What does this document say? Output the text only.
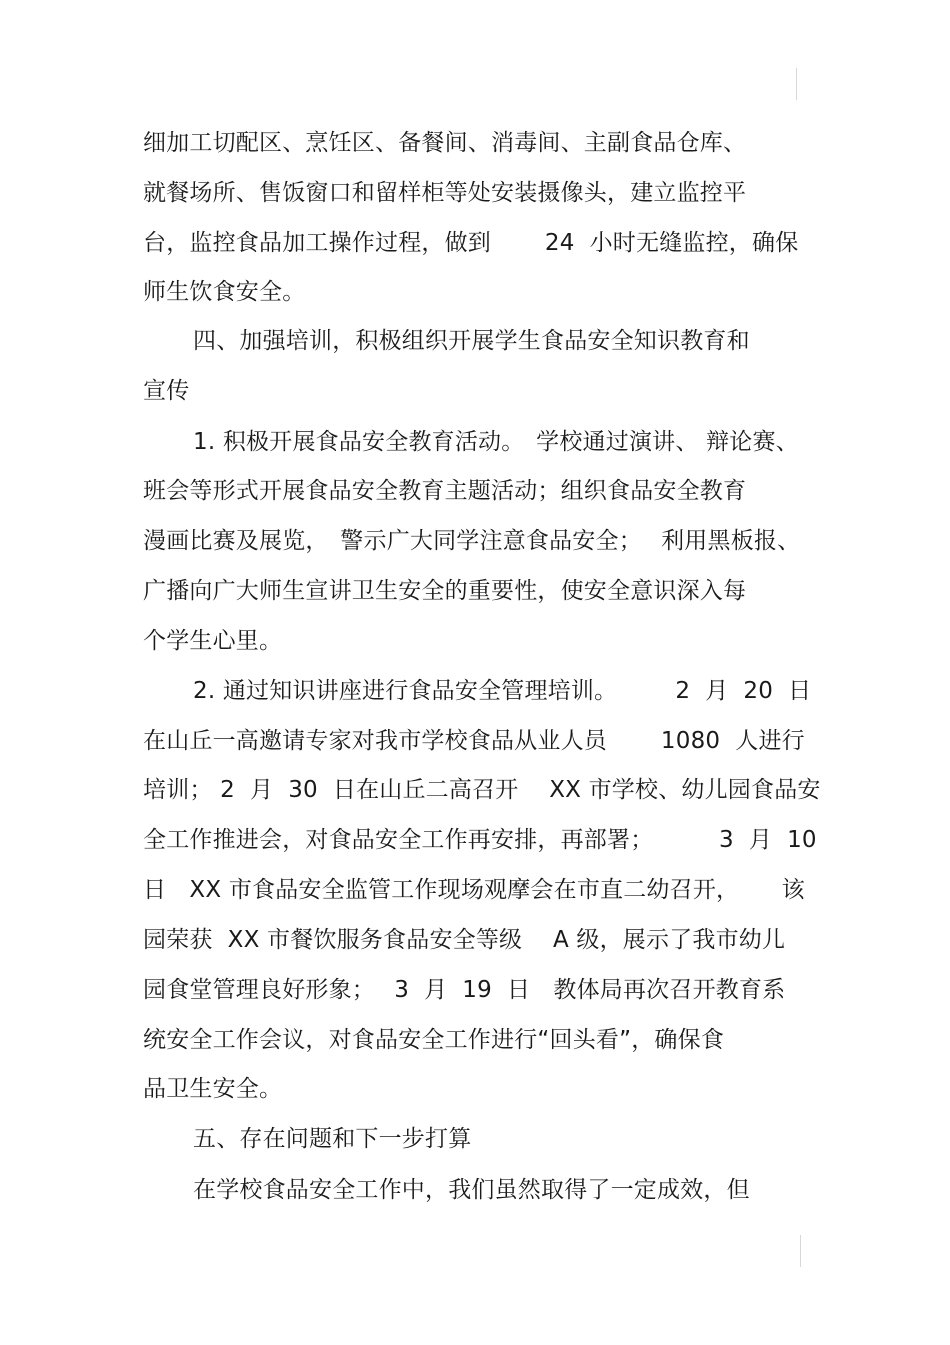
细加工切配区、烹饪区、备餐间、消毒间、主副食品仓库、
就餐场所、售饭窗口和留样柜等处安装摄像头，建立监控平
台，监控食品加工操作过程，做到　　 24  小时无缝监控，确保
师生饮食安全。
四、加强培训，积极组织开展学生食品安全知识教育和
宣传
1. 积极开展食品安全教育活动。　学校通过演讲、 辩论赛、
班会等形式开展食品安全教育主题活动；组织食品安全教育
漫画比赛及展览，　警示广大同学注意食品安全；　 利用黑板报、
广播向广大师生宣讲卫生安全的重要性，使安全意识深入每
个学生心里。
2. 通过知识讲座进行食品安全管理培训。　　　2  月  20  日
在山丘一高邀请专家对我市学校食品从业人员　　 1080  人进行
培训； 2  月  30  日在山丘二高召开　 XX 市学校、幼儿园食品安
全工作推进会，对食品安全工作再安排，再部署；　　　 3  月  10
日　XX 市食品安全监管工作现场观摩会在市直二幼召开，　　 该
园荣获  XX 市餐饮服务食品安全等级　 A 级，展示了我市幼儿
园食堂管理良好形象；　 3  月  19  日　教体局再次召开教育系
统安全工作会议，对食品安全工作进行“回头看”，确保食
品卫生安全。
五、存在问题和下一步打算
在学校食品安全工作中，我们虽然取得了一定成效，但
